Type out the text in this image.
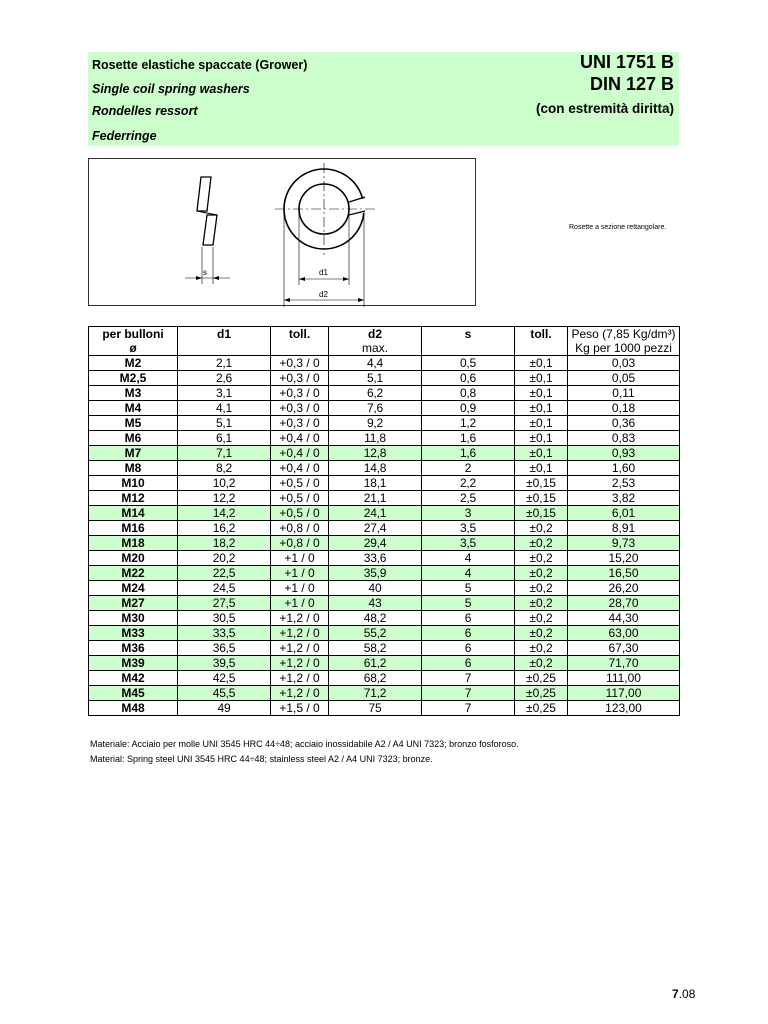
Rosette elastiche spaccate (Grower)
Single coil spring washers
Rondelles ressort
Federringe
UNI 1751 B
DIN 127 B
(con estremità diritta)
s	d1
d2
Rosette a sezione rettangolare.
per bulloni	d1	toll.	d2	s	toll.	Peso (7,85 Kg/dm³)
ø			max.			Kg per 1000 pezzi
M2	2,1	+0,3 / 0	4,4	0,5	±0,1	0,03
M2,5	2,6	+0,3 / 0	5,1	0,6	±0,1	0,05
M3	3,1	+0,3 / 0	6,2	0,8	±0,1	0,11
M4	4,1	+0,3 / 0	7,6	0,9	±0,1	0,18
M5	5,1	+0,3 / 0	9,2	1,2	±0,1	0,36
M6	6,1	+0,4 / 0	11,8	1,6	±0,1	0,83
M7	7,1	+0,4 / 0	12,8	1,6	±0,1	0,93
M8	8,2	+0,4 / 0	14,8	2	±0,1	1,60
M10	10,2	+0,5 / 0	18,1	2,2	±0,15	2,53
M12	12,2	+0,5 / 0	21,1	2,5	±0,15	3,82
M14	14,2	+0,5 / 0	24,1	3	±0,15	6,01
M16	16,2	+0,8 / 0	27,4	3,5	±0,2	8,91
M18	18,2	+0,8 / 0	29,4	3,5	±0,2	9,73
M20	20,2	+1 / 0	33,6	4	±0,2	15,20
M22	22,5	+1 / 0	35,9	4	±0,2	16,50
M24	24,5	+1 / 0	40	5	±0,2	26,20
M27	27,5	+1 / 0	43	5	±0,2	28,70
M30	30,5	+1,2 / 0	48,2	6	±0,2	44,30
M33	33,5	+1,2 / 0	55,2	6	±0,2	63,00
M36	36,5	+1,2 / 0	58,2	6	±0,2	67,30
M39	39,5	+1,2 / 0	61,2	6	±0,2	71,70
M42	42,5	+1,2 / 0	68,2	7	±0,25	111,00
M45	45,5	+1,2 / 0	71,2	7	±0,25	117,00
M48	49	+1,5 / 0	75	7	±0,25	123,00
Materiale: Acciaio per molle UNI 3545 HRC 44÷48; acciaio inossidabile A2 / A4 UNI 7323; bronzo fosforoso.
Material: Spring steel UNI 3545 HRC 44÷48; stainless steel A2 / A4 UNI 7323; bronze.
7.08
